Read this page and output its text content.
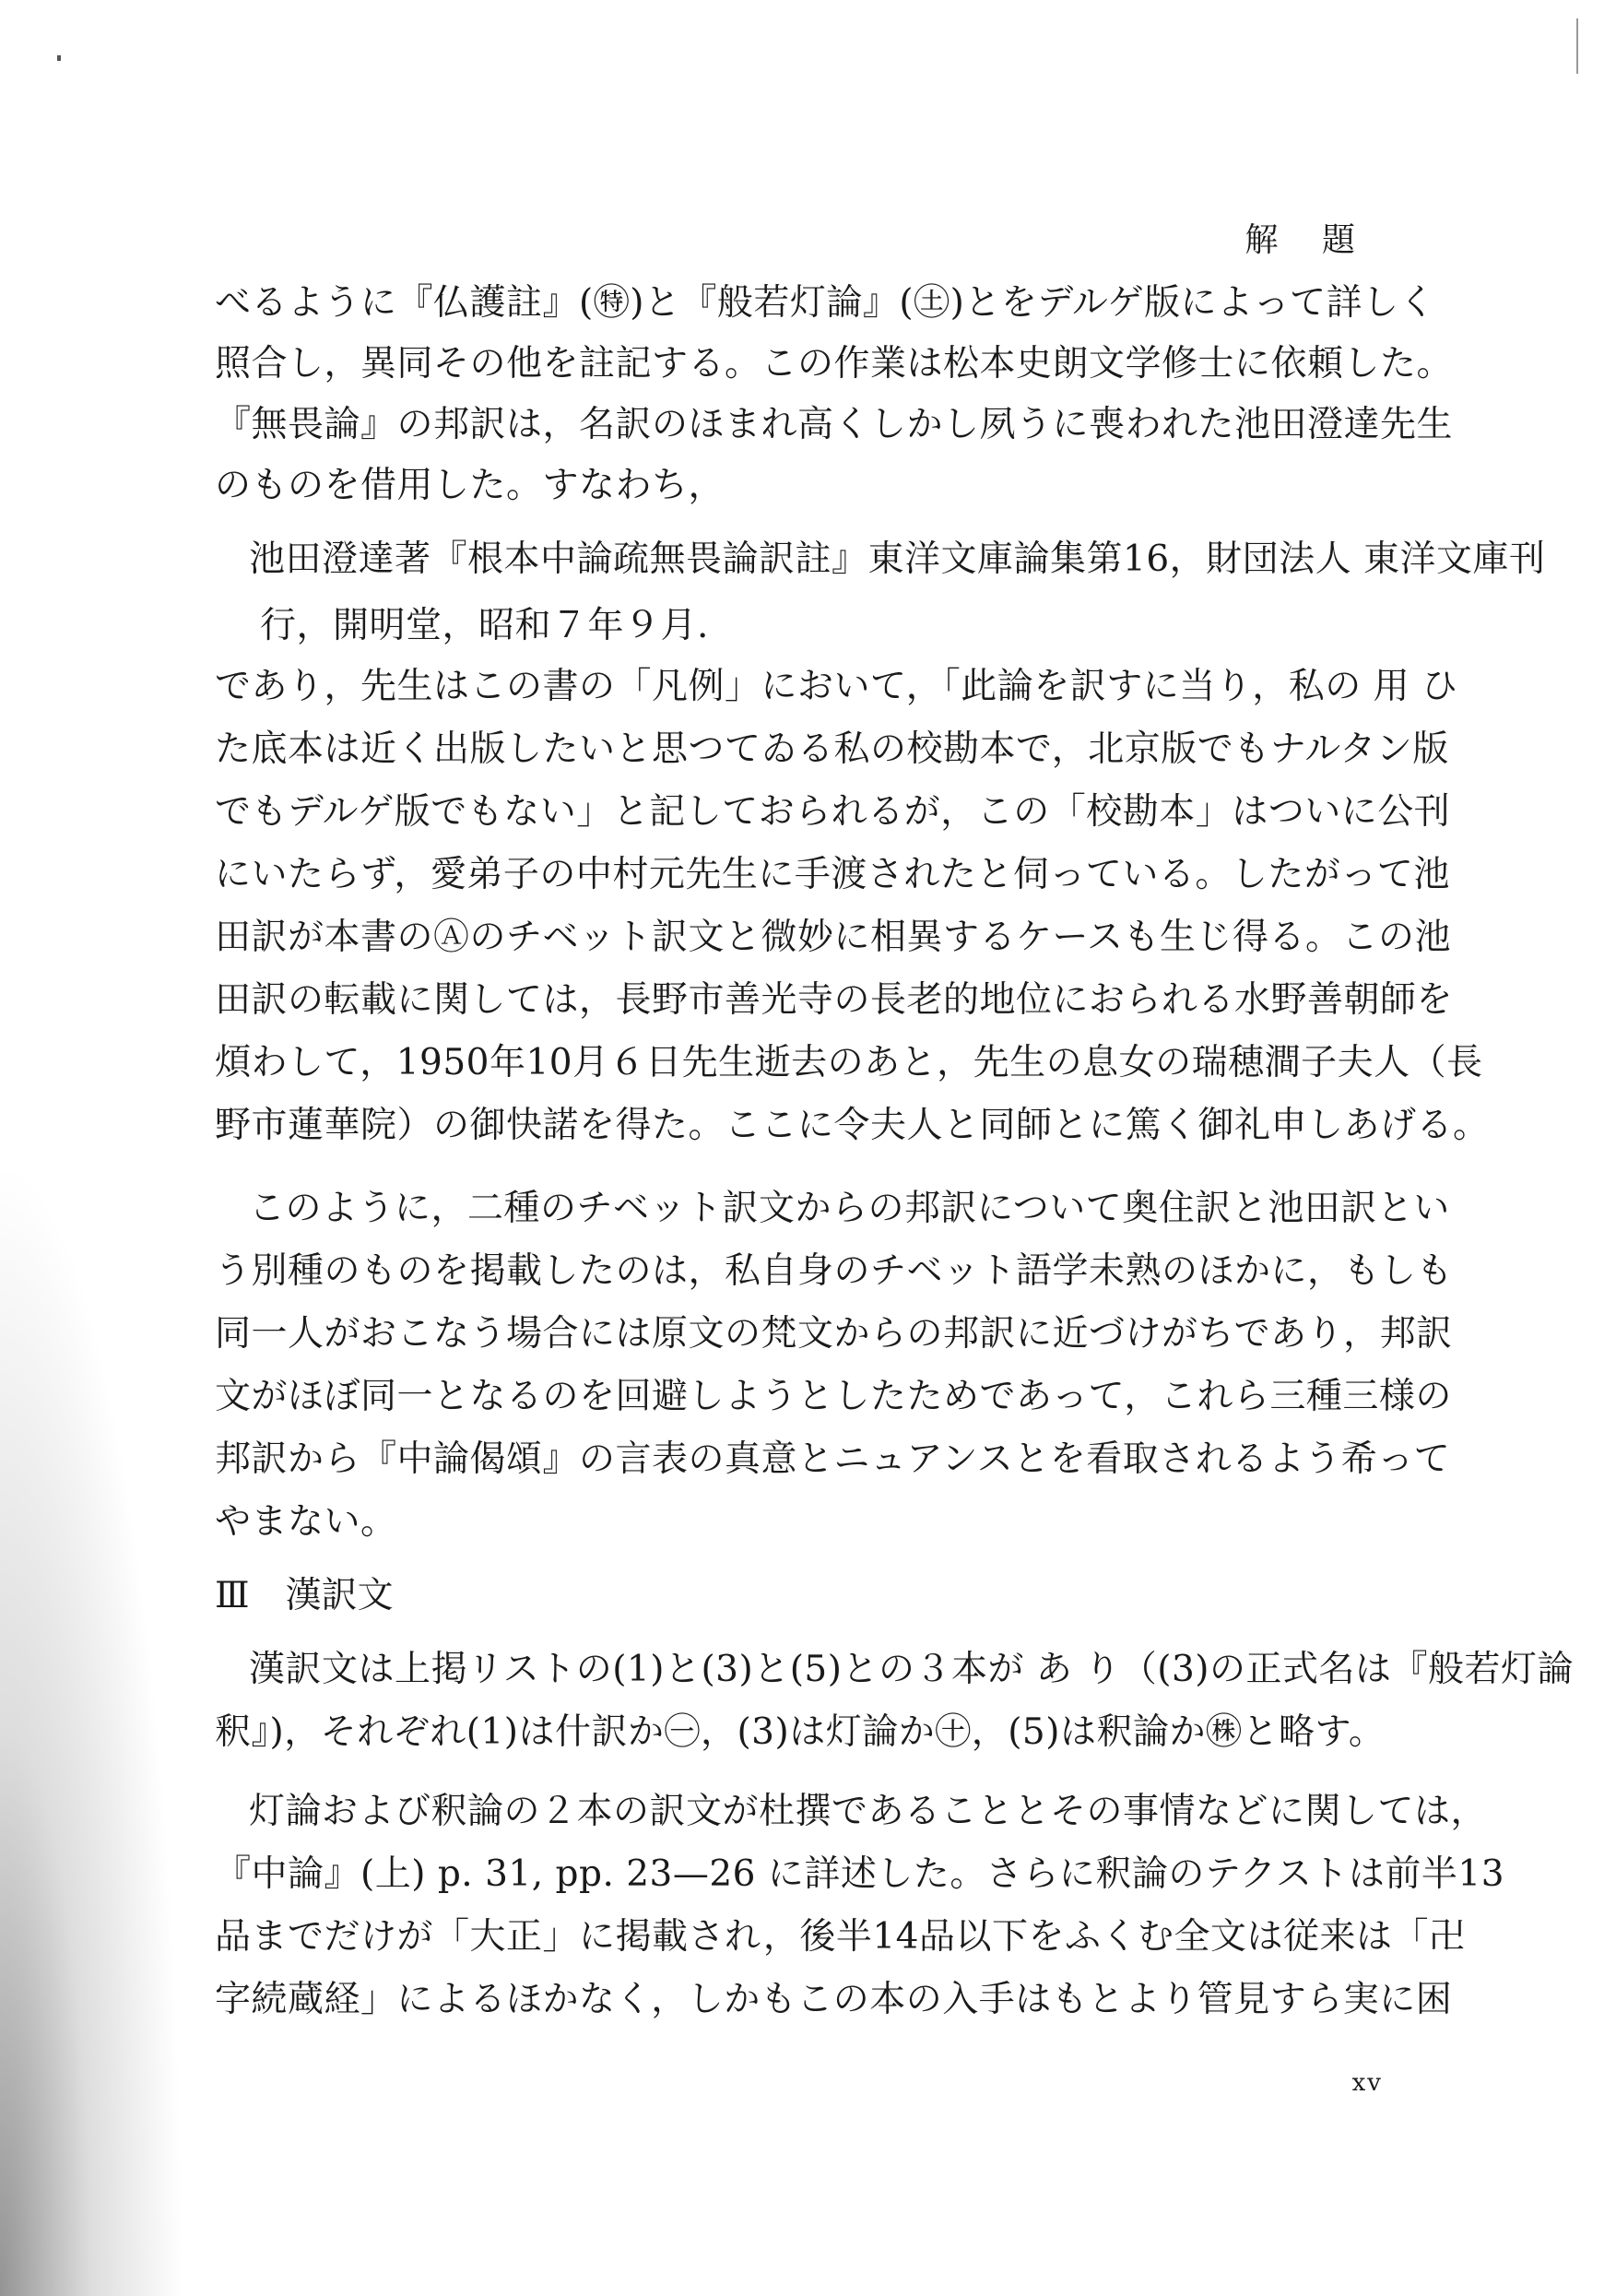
解 題
べるように『仏護註』(㊕)と『般若灯論』(㊏)とをデルゲ版によって詳しく
照合し，異同その他を註記する。この作業は松本史朗文学修士に依頼した。
『無畏論』の邦訳は，名訳のほまれ高くしかし夙うに喪われた池田澄達先生
のものを借用した。すなわち，
池田澄達著『根本中論疏無畏論訳註』東洋文庫論集第16，財団法人 東洋文庫刊
行，開明堂，昭和７年９月.
であり，先生はこの書の「凡例」において，「此論を訳すに当り，私の 用 ひ
た底本は近く出版したいと思つてゐる私の校勘本で，北京版でもナルタン版
でもデルゲ版でもない」と記しておられるが，この「校勘本」はついに公刊
にいたらず，愛弟子の中村元先生に手渡されたと伺っている。したがって池
田訳が本書のⒶのチベット訳文と微妙に相異するケースも生じ得る。この池
田訳の転載に関しては，長野市善光寺の長老的地位におられる水野善朝師を
煩わして，1950年10月６日先生逝去のあと，先生の息女の瑞穂澗子夫人（長
野市蓮華院）の御快諾を得た。ここに令夫人と同師とに篤く御礼申しあげる。
このように，二種のチベット訳文からの邦訳について奥住訳と池田訳とい
う別種のものを掲載したのは，私自身のチベット語学未熟のほかに，もしも
同一人がおこなう場合には原文の梵文からの邦訳に近づけがちであり，邦訳
文がほぼ同一となるのを回避しようとしたためであって，これら三種三様の
邦訳から『中論偈頌』の言表の真意とニュアンスとを看取されるよう希って
やまない。
Ⅲ　漢訳文
漢訳文は上掲リストの(1)と(3)と(5)との３本が あ り（(3)の正式名は『般若灯論
釈』)，それぞれ(1)は什訳か㊀，(3)は灯論か㊉，(5)は釈論か㊑と略す。
灯論および釈論の２本の訳文が杜撰であることとその事情などに関しては，
『中論』(上) p. 31, pp. 23—26 に詳述した。さらに釈論のテクストは前半13
品までだけが「大正」に掲載され，後半14品以下をふくむ全文は従来は「卍
字続蔵経」によるほかなく，しかもこの本の入手はもとより管見すら実に困
xv
